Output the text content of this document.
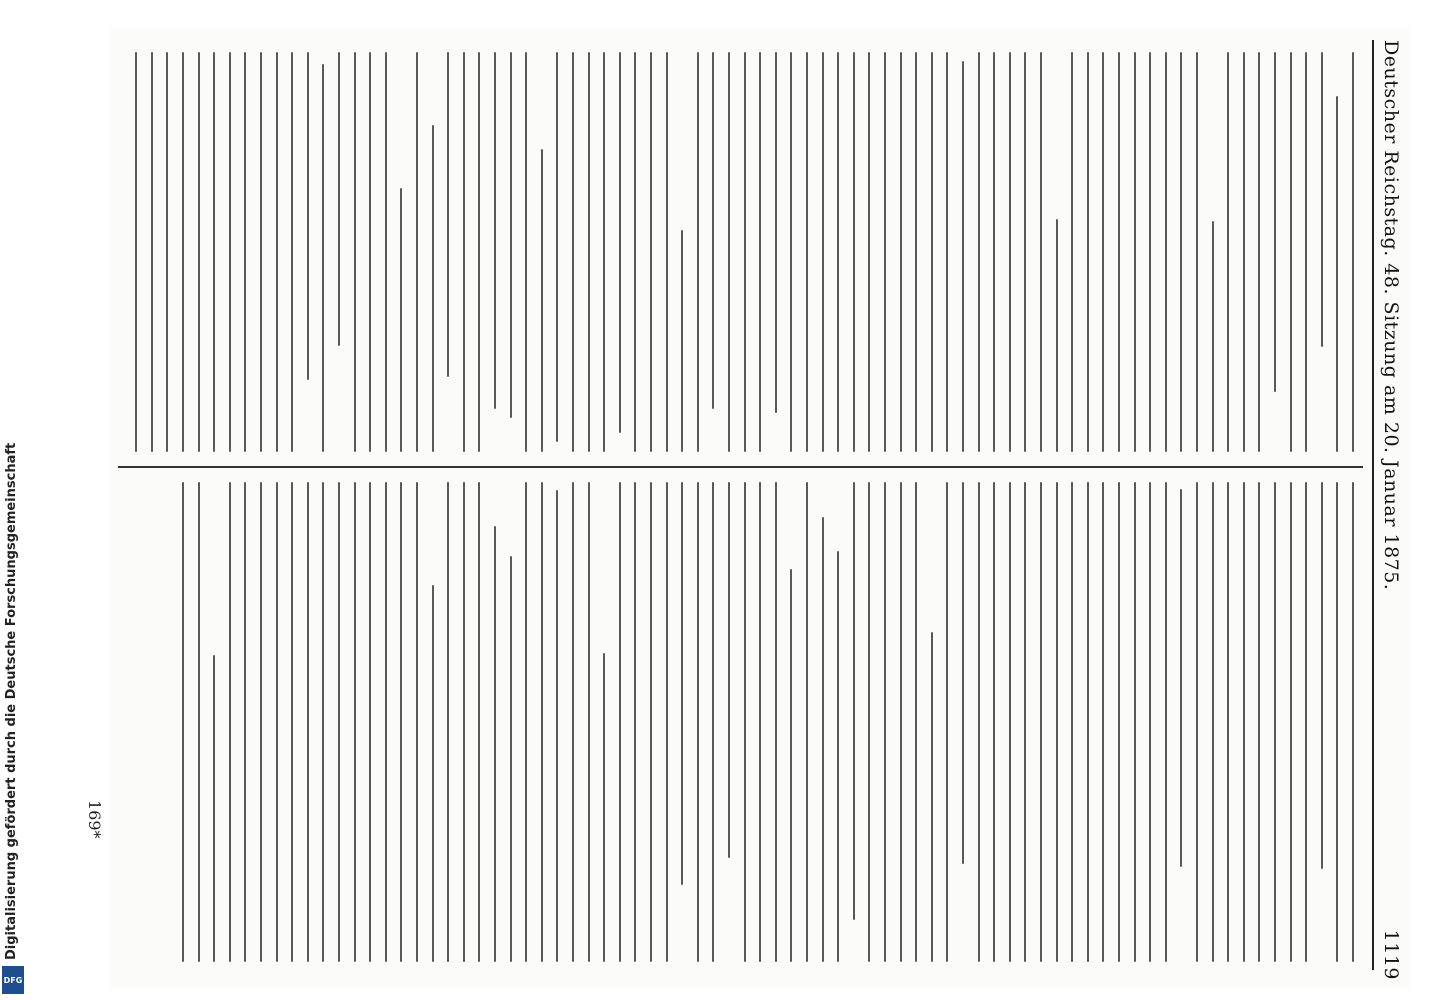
Deutscher Reichstag. 48. Sitzung am 20. Januar 1875.
1119
169*
Digitalisierung gefördert durch die Deutsche Forschungsgemeinschaft
DFG
